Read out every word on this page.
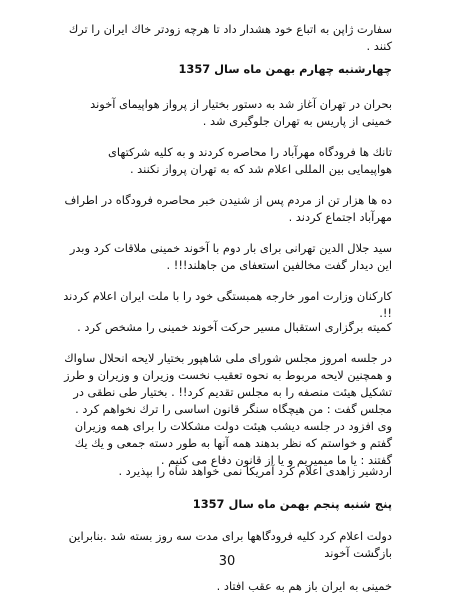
سفارت ژاپن به اتباع خود هشدار داد تا هرچه زودتر خاك ایران را ترك كنند .

چهارشنبه چهارم بهمن ماه سال 1357

بحران در تهران آغاز شد به دستور بختیار از پرواز هواپیمای آخوند خمینی از پاریس به تهران جلوگیری شد .

تانك ها فرودگاه مهرآباد را محاصره كردند و به كلیه شركتهای هواپیمایی بین المللی اعلام شد كه به تهران پرواز نكنند .

ده ها هزار تن از مردم پس از شنیدن خبر محاصره فرودگاه در اطراف مهرآباد اجتماع كردند .

سید جلال الدین تهرانی برای بار دوم با آخوند خمینی ملاقات كرد وبدر این دیدار گفت مخالفین استعفای من جاهلند!!! .

كاركنان وزارت امور خارجه همبستگی خود را با ملت ایران اعلام كردند !!.

كمیته برگزاری استقبال مسیر حركت آخوند خمینی را مشخص كرد .

در جلسه امروز مجلس شورای ملی شاهپور بختیار لایحه انحلال ساواك و همچنین لایحه مربوط به نحوه تعقیب نخست وزیران و وزیران و طرز تشكیل هیئت منصفه را به مجلس تقدیم كرد!! . بختیار طی نطقی در مجلس گفت : من هیچگاه سنگر قانون اساسی را ترك نخواهم كرد . وی افزود در جلسه دیشب هیئت دولت مشكلات را برای همه وزیران گفتم و خواستم كه نظر بدهند همه آنها به طور دسته جمعی و یك یك گفتند : یا ما میمیریم و یا از قانون دفاع می كنیم .

اردشیر زاهدی اعلام كرد آمریكا نمی خواهد شاه را بپذیرد .

پنج شنبه پنجم بهمن ماه سال 1357

دولت اعلام كرد كلیه فرودگاهها برای مدت سه روز بسته شد .بنابراین بازگشت آخوند

30

خمینی به ایران باز هم به عقب افتاد .
